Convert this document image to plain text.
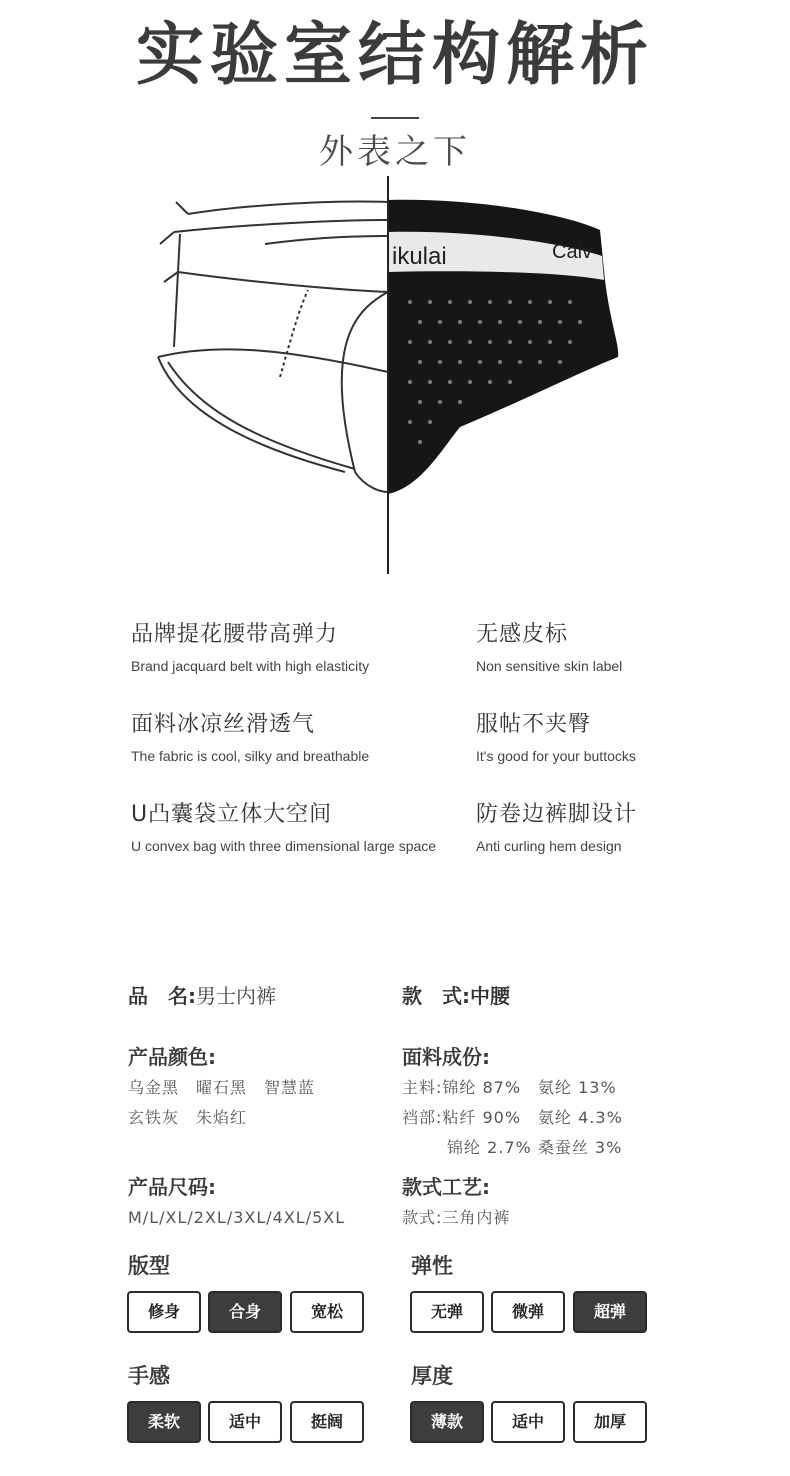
实验室结构解析
外表之下
ikulai	Caiv
品牌提花腰带高弹力
Brand jacquard belt with high elasticity
无感皮标
Non sensitive skin label
面料冰凉丝滑透气
The fabric is cool, silky and breathable
服帖不夹臀
It's good for your buttocks
U凸囊袋立体大空间
U convex bag with three dimensional large space
防卷边裤脚设计
Anti curling hem design
品　名:男士内裤	款　式:中腰
产品颜色:
乌金黑　曜石黑　智慧蓝
玄铁灰　朱焰红
面料成份:
主料:锦纶 87%　氨纶 13%
裆部:粘纤 90%　氨纶 4.3%
锦纶 2.7% 桑蚕丝 3%
产品尺码:
M/L/XL/2XL/3XL/4XL/5XL
款式工艺:
款式:三角内裤
版型
修身	合身	宽松
弹性
无弹	微弹	超弹
手感
柔软	适中	挺阔
厚度
薄款	适中	加厚
